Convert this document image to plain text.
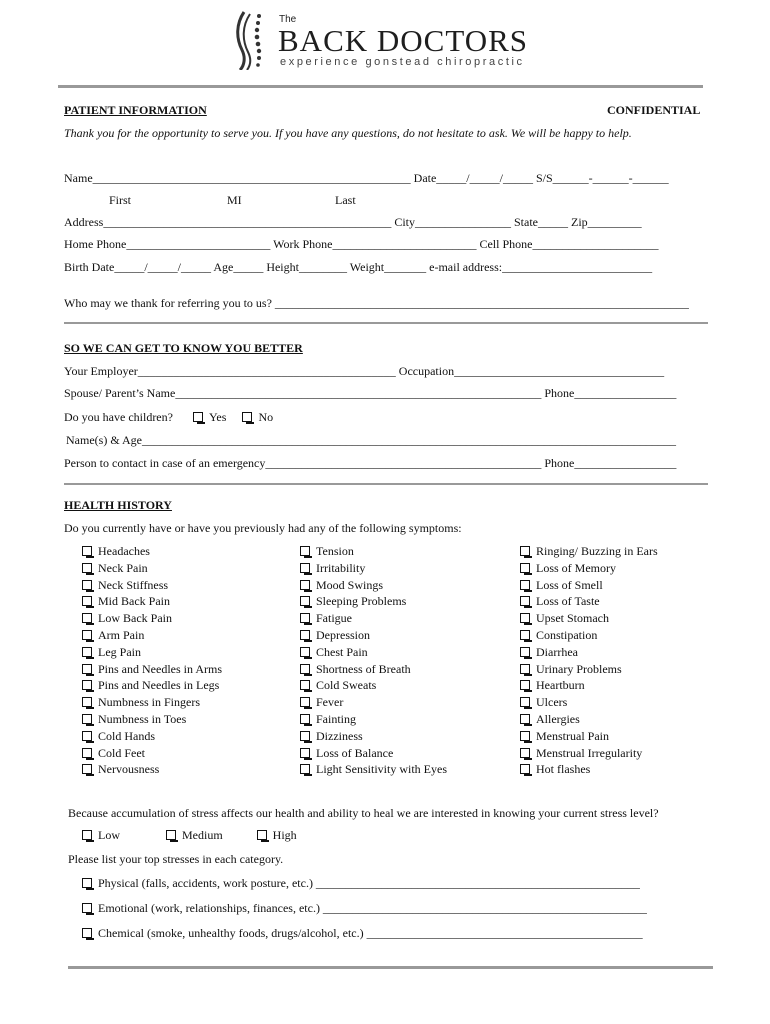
The
BACK DOCTORS
experience gonstead chiropractic
PATIENT INFORMATION	CONFIDENTIAL
Thank you for the opportunity to serve you. If you have any questions, do not hesitate to ask. We will be happy to help.
Name_____________________________________________________ Date_____/_____/_____ S/S______-______-______
First	MI	Last
Address________________________________________________ City________________ State_____ Zip_________
Home Phone________________________ Work Phone________________________ Cell Phone_____________________
Birth Date_____/_____/_____ Age_____ Height________ Weight_______ e-mail address:_________________________
Who may we thank for referring you to us? _____________________________________________________________________
SO WE CAN GET TO KNOW YOU BETTER
Your Employer___________________________________________ Occupation___________________________________
Spouse/ Parent’s Name_____________________________________________________________ Phone_________________
Do you have children?	Yes	No
Name(s) & Age_________________________________________________________________________________________
Person to contact in case of an emergency______________________________________________ Phone_________________
HEALTH HISTORY
Do you currently have or have you previously had any of the following symptoms:
Headaches
Neck Pain
Neck Stiffness
Mid Back Pain
Low Back Pain
Arm Pain
Leg Pain
Pins and Needles in Arms
Pins and Needles in Legs
Numbness in Fingers
Numbness in Toes
Cold Hands
Cold Feet
Nervousness
Tension
Irritability
Mood Swings
Sleeping Problems
Fatigue
Depression
Chest Pain
Shortness of Breath
Cold Sweats
Fever
Fainting
Dizziness
Loss of Balance
Light Sensitivity with Eyes
Ringing/ Buzzing in Ears
Loss of Memory
Loss of Smell
Loss of Taste
Upset Stomach
Constipation
Diarrhea
Urinary Problems
Heartburn
Ulcers
Allergies
Menstrual Pain
Menstrual Irregularity
Hot flashes
Because accumulation of stress affects our health and ability to heal we are interested in knowing your current stress level?
Low	Medium	High
Please list your top stresses in each category.
Physical (falls, accidents, work posture, etc.) ______________________________________________________
Emotional (work, relationships, finances, etc.) ______________________________________________________
Chemical (smoke, unhealthy foods, drugs/alcohol, etc.) ______________________________________________
